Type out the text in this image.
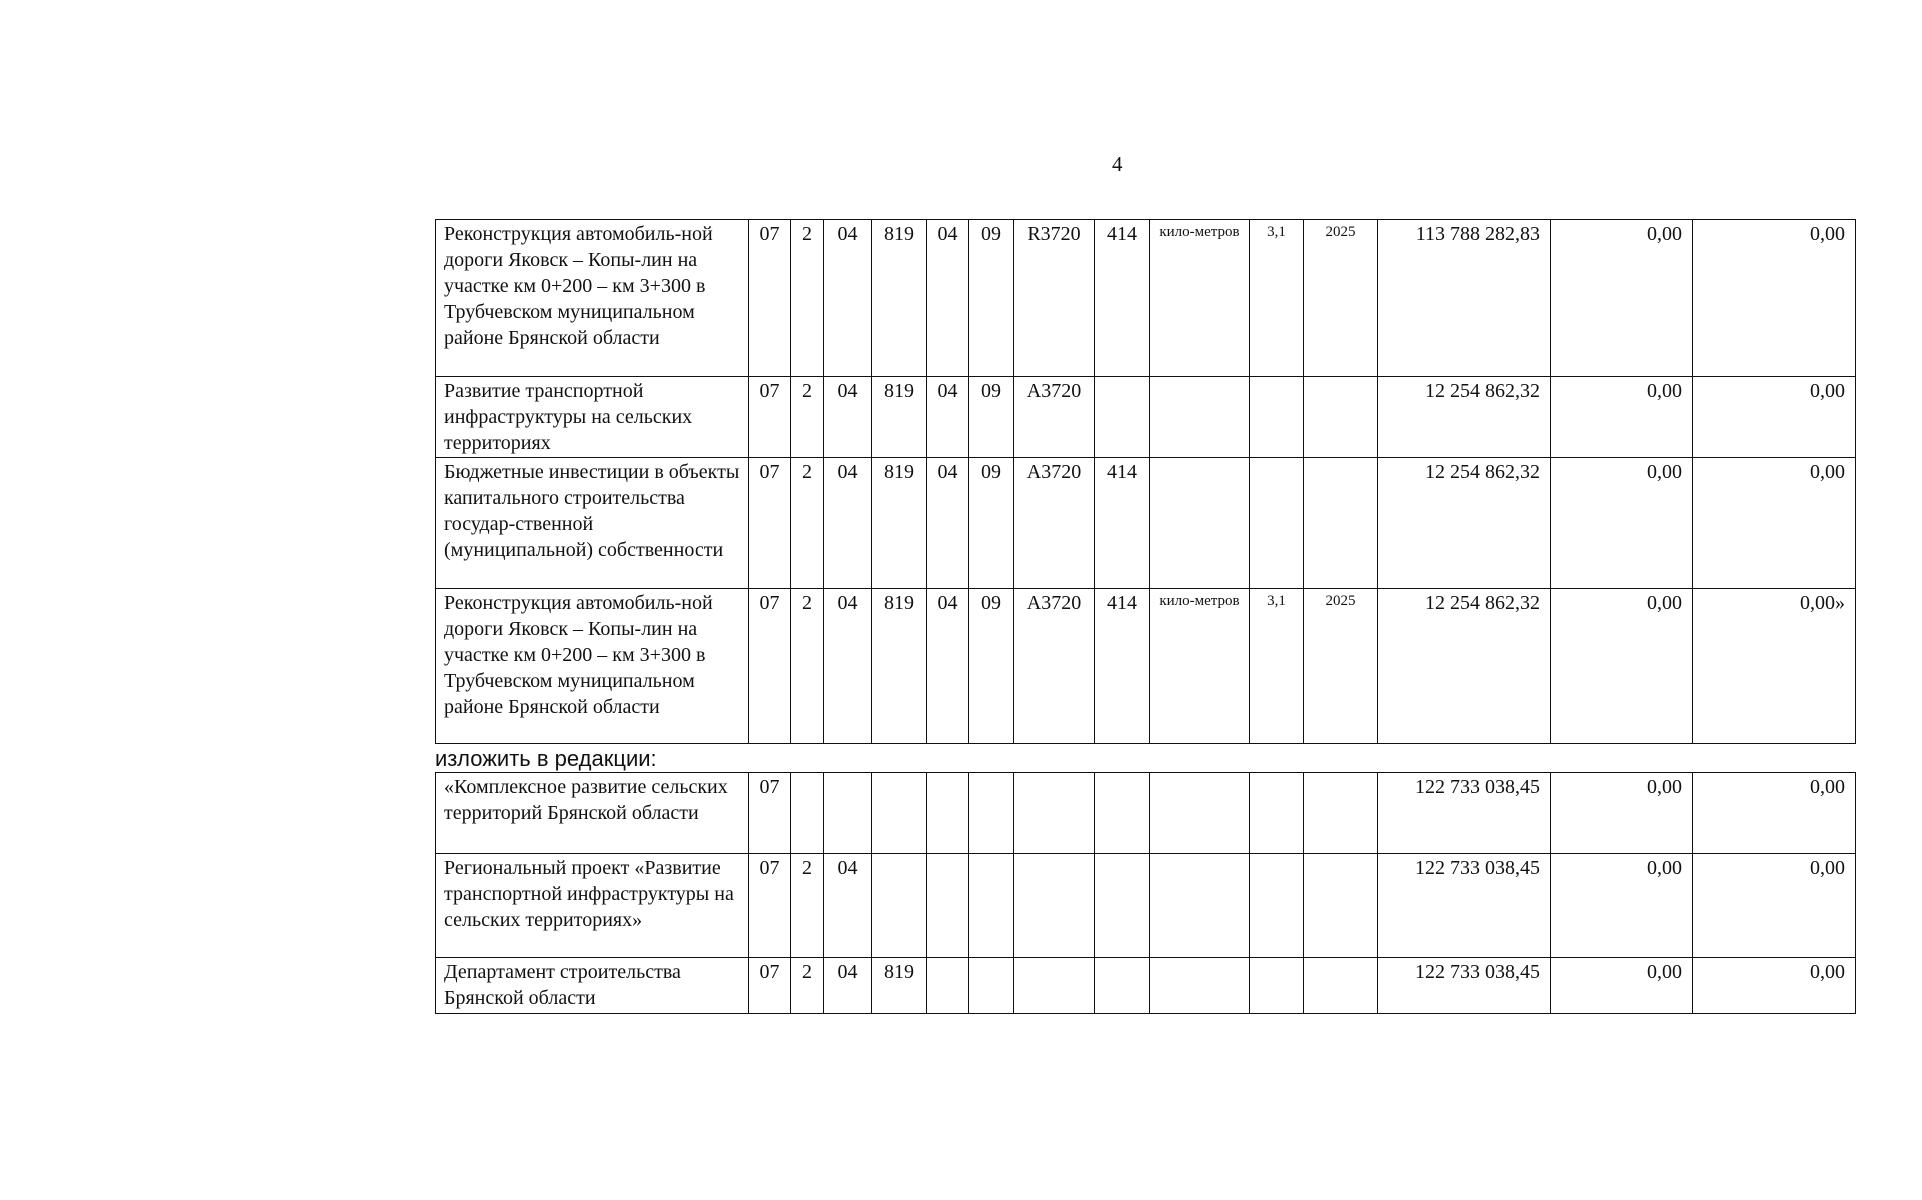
4
Реконструкция автомобиль-ной дороги Яковск – Копы-лин на участке км 0+200 – км 3+300 в Трубчевском муниципальном районе Брянской области	07	2	04	819	04	09	R3720	414	кило-метров	3,1	2025	113 788 282,83	0,00	0,00
Развитие транспортной инфраструктуры на сельских территориях	07	2	04	819	04	09	А3720					12 254 862,32	0,00	0,00
Бюджетные инвестиции в объекты капитального строительства государ-ственной (муниципальной) собственности	07	2	04	819	04	09	А3720	414				12 254 862,32	0,00	0,00
Реконструкция автомобиль-ной дороги Яковск – Копы-лин на участке км 0+200 – км 3+300 в Трубчевском муниципальном районе Брянской области	07	2	04	819	04	09	А3720	414	кило-метров	3,1	2025	12 254 862,32	0,00	0,00»
изложить в редакции:
«Комплексное развитие сельских территорий Брянской области	07											122 733 038,45	0,00	0,00
Региональный проект «Развитие транспортной инфраструктуры на сельских территориях»	07	2	04									122 733 038,45	0,00	0,00
Департамент строительства Брянской области	07	2	04	819								122 733 038,45	0,00	0,00
